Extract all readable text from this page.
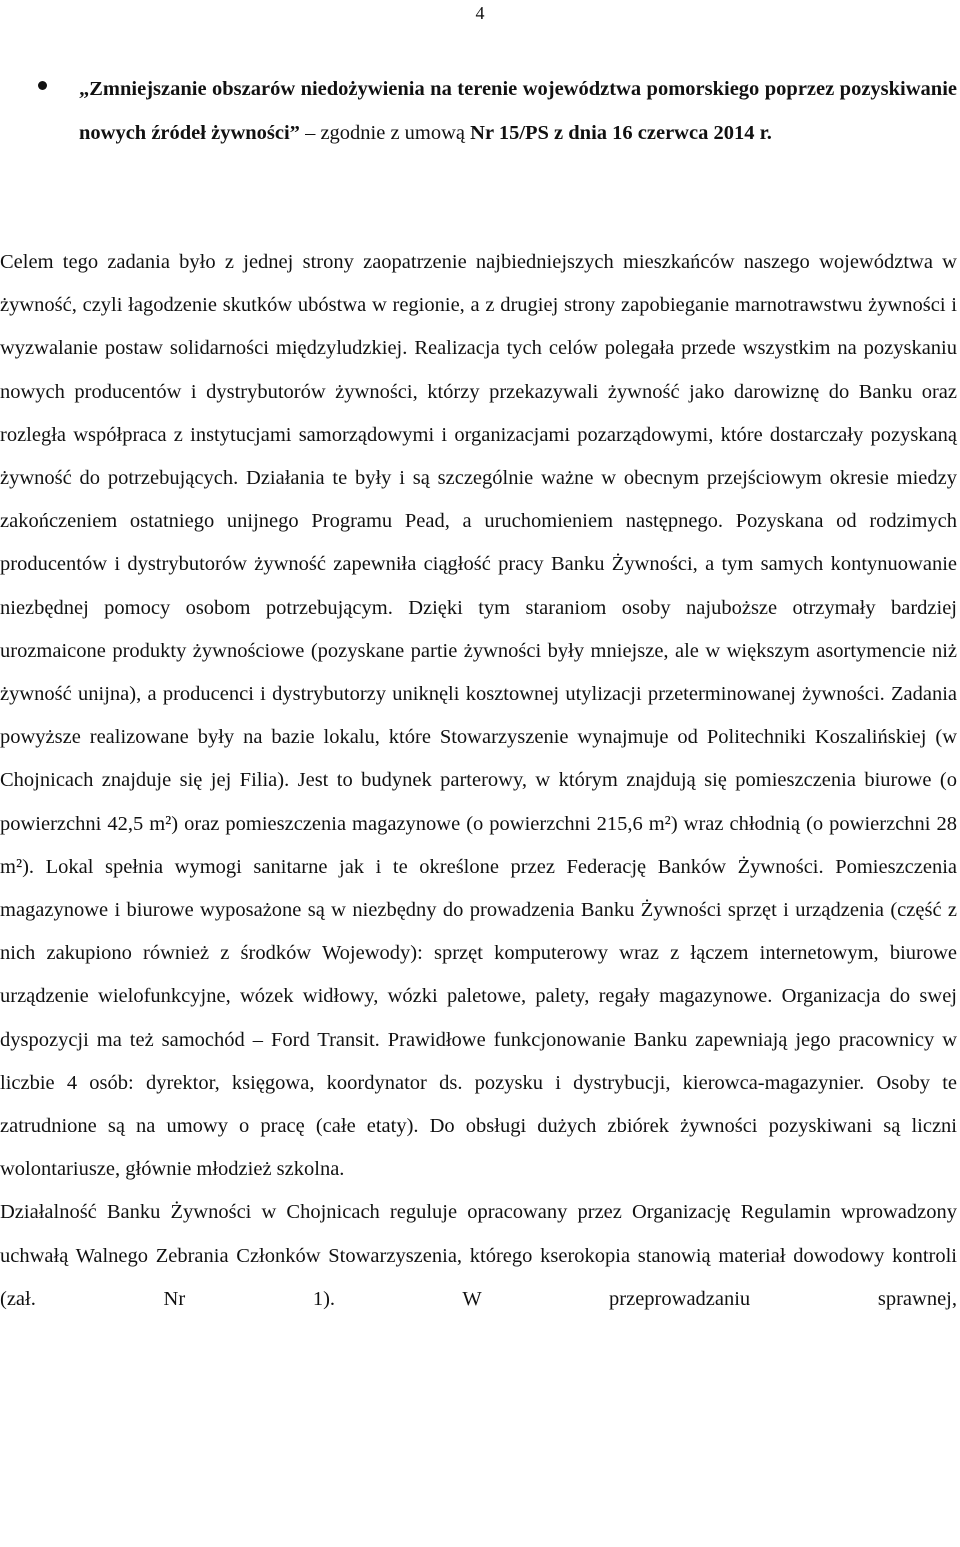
4
„Zmniejszanie obszarów niedożywienia na terenie województwa pomorskiego poprzez pozyskiwanie nowych źródeł żywności” – zgodnie z umową Nr 15/PS z dnia 16 czerwca 2014 r.

Celem tego zadania było z jednej strony zaopatrzenie najbiedniejszych mieszkańców naszego województwa w żywność, czyli łagodzenie skutków ubóstwa w regionie, a z drugiej strony zapobieganie marnotrawstwu żywności i wyzwalanie postaw solidarności międzyludzkiej. Realizacja tych celów polegała przede wszystkim na pozyskaniu nowych producentów i dystrybutorów żywności, którzy przekazywali żywność jako darowiznę do Banku oraz rozległa współpraca z instytucjami samorządowymi i organizacjami pozarządowymi, które dostarczały pozyskaną żywność do potrzebujących. Działania te były i są szczególnie ważne w obecnym przejściowym okresie miedzy zakończeniem ostatniego unijnego Programu Pead, a uruchomieniem następnego. Pozyskana od rodzimych producentów i dystrybutorów żywność zapewniła ciągłość pracy Banku Żywności, a tym samych kontynuowanie niezbędnej pomocy osobom potrzebującym. Dzięki tym staraniom osoby najuboższe otrzymały bardziej urozmaicone produkty żywnościowe (pozyskane partie żywności były mniejsze, ale w większym asortymencie niż żywność unijna), a producenci i dystrybutorzy uniknęli kosztownej utylizacji przeterminowanej żywności. Zadania powyższe realizowane były na bazie lokalu, które Stowarzyszenie wynajmuje od Politechniki Koszalińskiej (w Chojnicach znajduje się jej Filia). Jest to budynek parterowy, w którym znajdują się pomieszczenia biurowe (o powierzchni 42,5 m²) oraz pomieszczenia magazynowe (o powierzchni 215,6 m²) wraz chłodnią (o powierzchni 28 m²). Lokal spełnia wymogi sanitarne jak i te określone przez Federację Banków Żywności. Pomieszczenia magazynowe i biurowe wyposażone są w niezbędny do prowadzenia Banku Żywności sprzęt i urządzenia (część z nich zakupiono również z środków Wojewody): sprzęt komputerowy wraz z łączem internetowym, biurowe urządzenie wielofunkcyjne, wózek widłowy, wózki paletowe, palety, regały magazynowe. Organizacja do swej dyspozycji ma też samochód – Ford Transit. Prawidłowe funkcjonowanie Banku zapewniają jego pracownicy w liczbie 4 osób: dyrektor, księgowa, koordynator ds. pozysku i dystrybucji, kierowca-magazynier. Osoby te zatrudnione są na umowy o pracę (całe etaty). Do obsługi dużych zbiórek żywności pozyskiwani są liczni wolontariusze, głównie młodzież szkolna.

Działalność Banku Żywności w Chojnicach reguluje opracowany przez Organizację Regulamin wprowadzony uchwałą Walnego Zebrania Członków Stowarzyszenia, którego kserokopia stanowią materiał dowodowy kontroli (zał. Nr 1). W przeprowadzaniu sprawnej,
